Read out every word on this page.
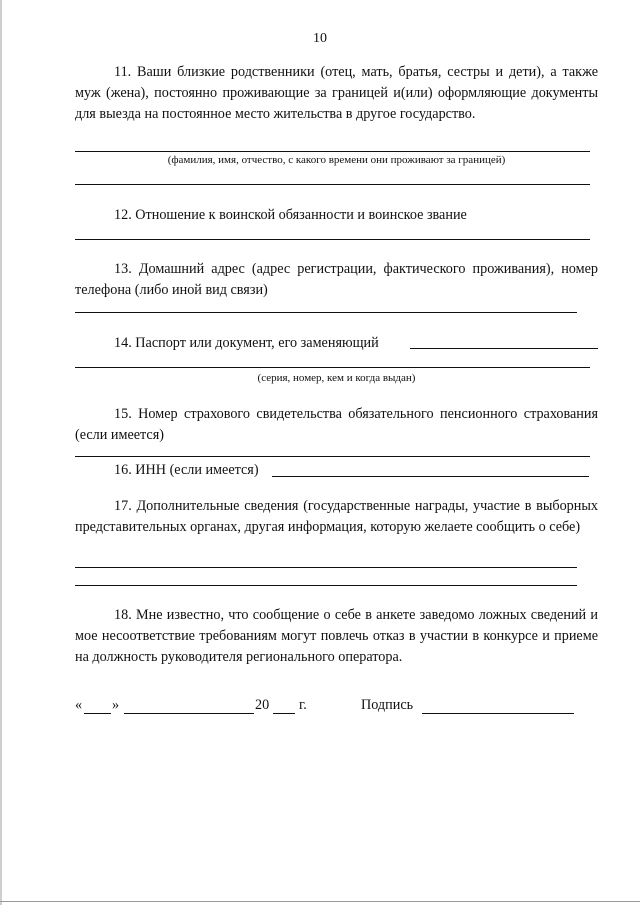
10
11. Ваши близкие родственники (отец, мать, братья, сестры и дети), а также муж (жена), постоянно проживающие за границей и(или) оформляющие документы для выезда на постоянное место жительства в другое государство.
(фамилия, имя, отчество, с какого времени они проживают за границей)
12. Отношение к воинской обязанности и воинское звание
13. Домашний адрес (адрес регистрации, фактического проживания), номер телефона (либо иной вид связи)
14. Паспорт или документ, его заменяющий
(серия, номер, кем и когда выдан)
15. Номер страхового свидетельства обязательного пенсионного страхования (если имеется)
16. ИНН (если имеется)
17. Дополнительные сведения (государственные награды, участие в выборных представительных органах, другая информация, которую желаете сообщить о себе)
18. Мне известно, что сообщение о себе в анкете заведомо ложных сведений и мое несоответствие требованиям могут повлечь отказ в участии в конкурсе и приеме на должность руководителя регионального оператора.
« »	20 г.	Подпись
